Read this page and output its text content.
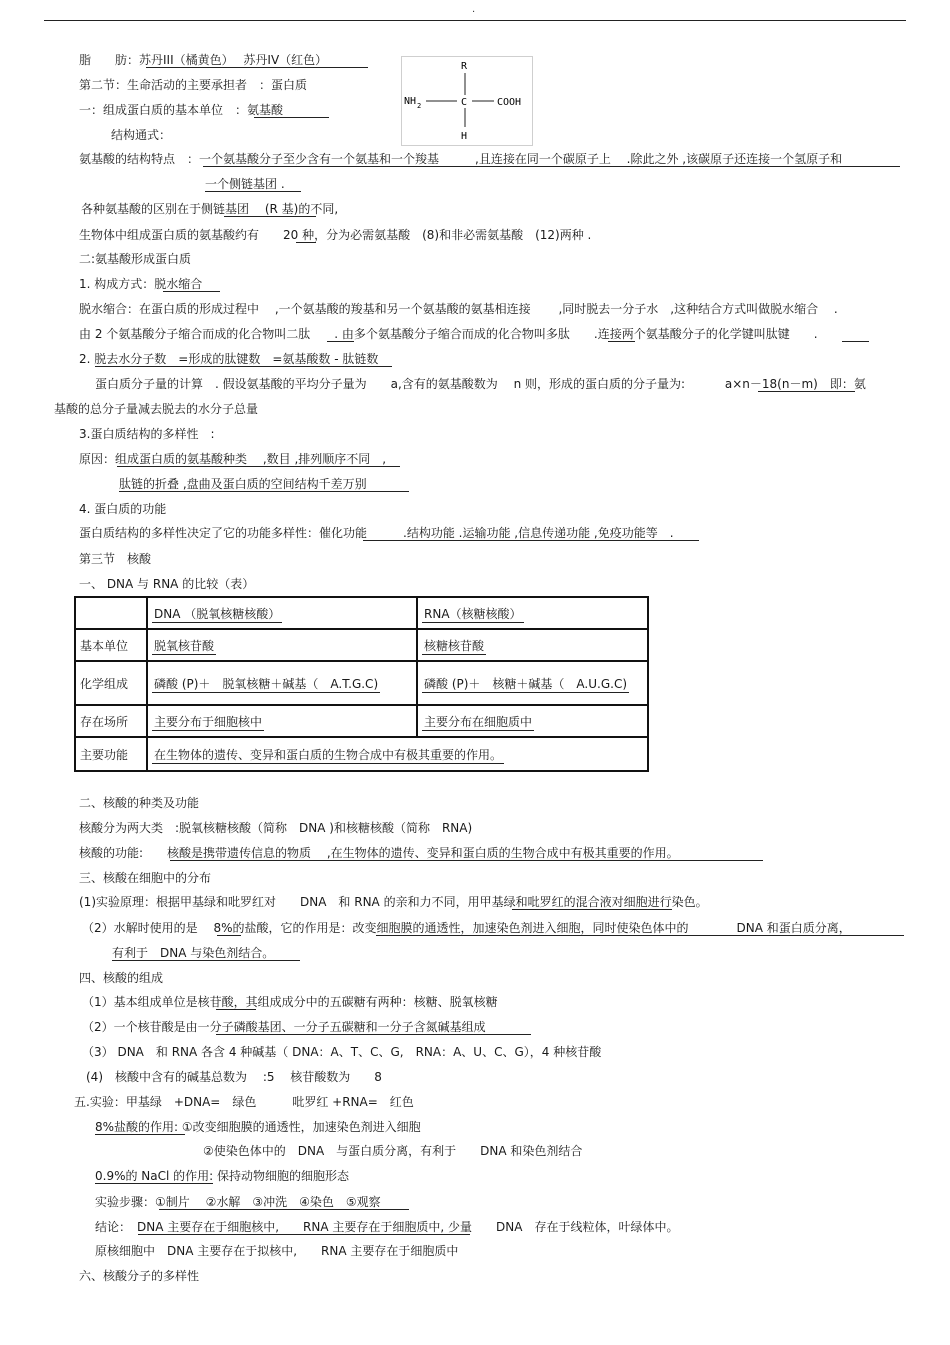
.
脂　　肪：苏丹III（橘黄色）　 苏丹IV（红色）
第二节：生命活动的主要承担者　：蛋白质
一：组成蛋白质的基本单位　：氨基酸
结构通式：
R
NH 2	C	COOH
H
氨基酸的结构特点　：一个氨基酸分子至少含有一个氨基和一个羧基　　　,且连接在同一个碳原子上　 .除此之外 ,该碳原子还连接一个氢原子和
一个侧链基团 .
各种氨基酸的区别在于侧链基团　 (R 基)的不同,
生物体中组成蛋白质的氨基酸约有　　20 种，分为必需氨基酸　(8)和非必需氨基酸　(12)两种 .
二:氨基酸形成蛋白质
1. 构成方式：脱水缩合
脱水缩合：在蛋白质的形成过程中　 ,一个氨基酸的羧基和另一个氨基酸的氨基相连接　　 ,同时脱去一分子水　,这种结合方式叫做脱水缩合　 .
由 2 个氨基酸分子缩合而成的化合物叫二肽　　. 由多个氨基酸分子缩合而成的化合物叫多肽　　.连接两个氨基酸分子的化学键叫肽键　　.
2. 脱去水分子数　=形成的肽键数　=氨基酸数 - 肽链数
蛋白质分子量的计算　. 假设氨基酸的平均分子量为　　a,含有的氨基酸数为　 n 则，形成的蛋白质的分子量为:　　　 a×n－18(n－m)　即：氨
基酸的总分子量减去脱去的水分子总量
3.蛋白质结构的多样性　:
原因：组成蛋白质的氨基酸种类　 ,数目 ,排列顺序不同　,
肽链的折叠 ,盘曲及蛋白质的空间结构千差万别
4. 蛋白质的功能
蛋白质结构的多样性决定了它的功能多样性：催化功能　　　.结构功能 .运输功能 ,信息传递功能 ,免疫功能等　.
第三节　核酸
一、 DNA 与 RNA 的比较（表）
	DNA （脱氧核糖核酸）	RNA（核糖核酸）
基本单位	脱氧核苷酸	核糖核苷酸
化学组成	磷酸 (P)＋　脱氧核糖＋碱基（　A.T.G.C)	磷酸 (P)＋　核糖＋碱基（　A.U.G.C)
存在场所	主要分布于细胞核中	主要分布在细胞质中
主要功能	在生物体的遗传、变异和蛋白质的生物合成中有极其重要的作用。	
二、核酸的种类及功能
核酸分为两大类　:脱氧核糖核酸（简称　DNA )和核糖核酸（简称　RNA)
核酸的功能:　　核酸是携带遗传信息的物质　 ,在生物体的遗传、变异和蛋白质的生物合成中有极其重要的作用。
三、核酸在细胞中的分布
(1)实验原理：根据甲基绿和吡罗红对　　DNA　和 RNA 的亲和力不同，用甲基绿和吡罗红的混合液对细胞进行染色。
（2）水解时使用的是　 8%的盐酸，它的作用是：改变细胞膜的通透性，加速染色剂进入细胞，同时使染色体中的　　　　DNA 和蛋白质分离，
有利于　DNA 与染色剂结合。
四、核酸的组成
（1）基本组成单位是核苷酸，其组成成分中的五碳糖有两种：核糖、脱氧核糖
（2）一个核苷酸是由一分子磷酸基团、一分子五碳糖和一分子含氮碱基组成
（3） DNA　和 RNA 各含 4 种碱基（ DNA：A、T、C、G,　RNA：A、U、C、G），4 种核苷酸
(4)　核酸中含有的碱基总数为　 :5　 核苷酸数为　　8
五.实验：甲基绿　+DNA=　绿色　　　吡罗红 +RNA=　红色
8%盐酸的作用: ①改变细胞膜的通透性，加速染色剂进入细胞
②使染色体中的　DNA　与蛋白质分离，有利于　　DNA 和染色剂结合
0.9%的 NaCl 的作用: 保持动物细胞的细胞形态
实验步骤：①制片　 ②水解　③冲洗　④染色　⑤观察
结论：　DNA 主要存在于细胞核中,　　RNA 主要存在于细胞质中, 少量　　DNA　存在于线粒体，叶绿体中。
原核细胞中　DNA 主要存在于拟核中,　　RNA 主要存在于细胞质中
六、核酸分子的多样性
